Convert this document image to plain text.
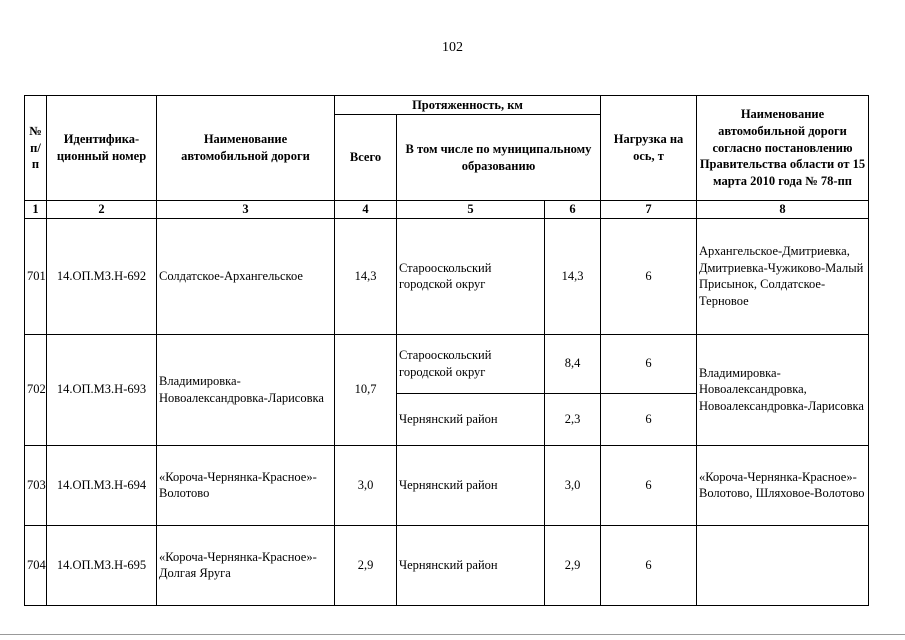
102
№ п/п	Идентифика-ционный номер	Наименование автомобильной дороги	Протяженность, км			Нагрузка на ось, т	Наименование автомобильной дороги согласно постановлению Правительства области от 15 марта 2010 года № 78-пп
			Всего	В том числе по муниципальному образованию			
1	2	3	4	5	6	7	8
701	14.ОП.МЗ.Н-692	Солдатское-Архангельское	14,3	Старооскольский городской округ	14,3	6	Архангельское-Дмитриевка, Дмитриевка-Чужиково-Малый Присынок, Солдатское-Терновое
702	14.ОП.МЗ.Н-693	Владимировка-Новоалександровка-Ларисовка	10,7	Старооскольский городской округ	8,4	6	Владимировка-Новоалександровка, Новоалександровка-Ларисовка
				Чернянский район	2,3	6	
703	14.ОП.МЗ.Н-694	«Короча-Чернянка-Красное»-Волотово	3,0	Чернянский район	3,0	6	«Короча-Чернянка-Красное»-Волотово, Шляховое-Волотово
704	14.ОП.МЗ.Н-695	«Короча-Чернянка-Красное»-Долгая Яруга	2,9	Чернянский район	2,9	6	
